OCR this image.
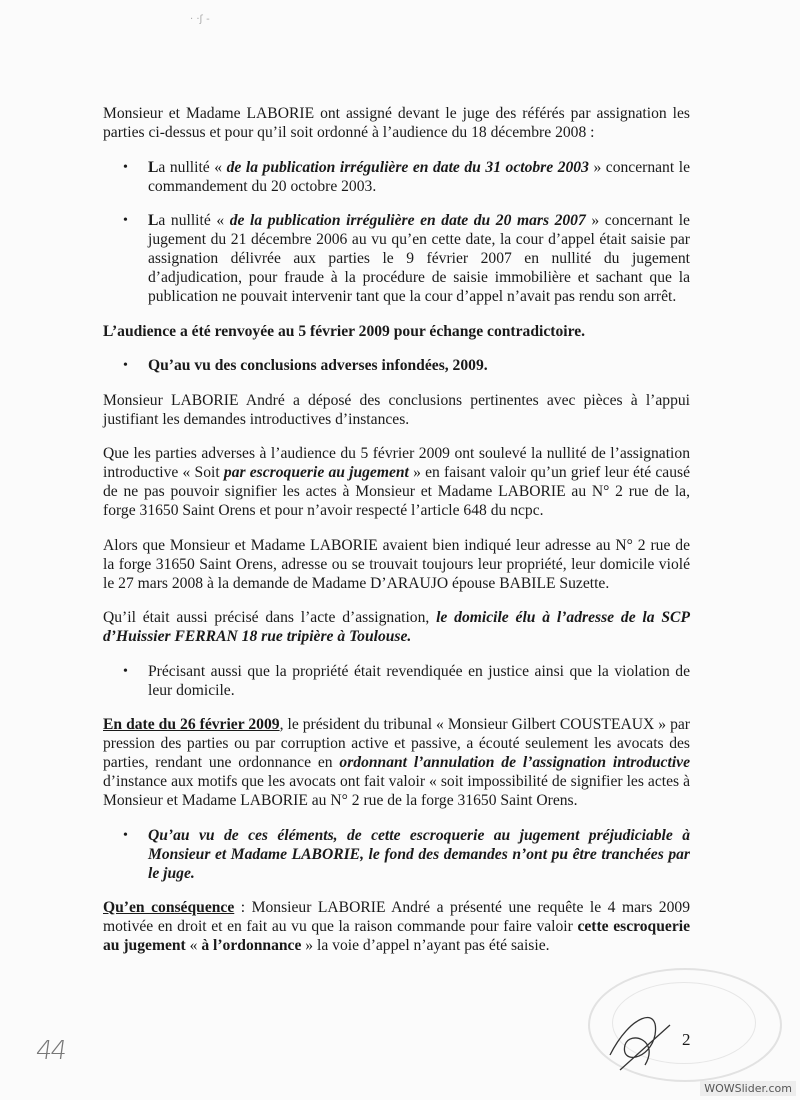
· ·ʃ -
Monsieur et Madame LABORIE ont assigné devant le juge des référés par assignation les parties ci-dessus et pour qu’il soit ordonné à l’audience du 18 décembre 2008 :
• La nullité « de la publication irrégulière en date du 31 octobre 2003 » concernant le commandement du 20 octobre 2003.
• La nullité « de la publication irrégulière en date du 20 mars 2007 » concernant le jugement du 21 décembre 2006 au vu qu’en cette date, la cour d’appel était saisie par assignation délivrée aux parties le 9 février 2007 en nullité du jugement d’adjudication, pour fraude à la procédure de saisie immobilière et sachant que la publication ne pouvait intervenir tant que la cour d’appel n’avait pas rendu son arrêt.
L’audience a été renvoyée au 5 février 2009 pour échange contradictoire.
• Qu’au vu des conclusions adverses infondées, 2009.
Monsieur LABORIE André a déposé des conclusions pertinentes avec pièces à l’appui justifiant les demandes introductives d’instances.
Que les parties adverses à l’audience du 5 février 2009 ont soulevé la nullité de l’assignation introductive « Soit par escroquerie au jugement » en faisant valoir qu’un grief leur été causé de ne pas pouvoir signifier les actes à Monsieur et Madame LABORIE au N° 2 rue de la, forge 31650 Saint Orens et pour n’avoir respecté l’article 648 du ncpc.
Alors que Monsieur et Madame LABORIE avaient bien indiqué leur adresse au N° 2 rue de la forge 31650 Saint Orens, adresse ou se trouvait toujours leur propriété, leur domicile violé le 27 mars 2008 à la demande de Madame D’ARAUJO épouse BABILE Suzette.
Qu’il était aussi précisé dans l’acte d’assignation, le domicile élu à l’adresse de la SCP d’Huissier FERRAN 18 rue tripière à Toulouse.
• Précisant aussi que la propriété était revendiquée en justice ainsi que la violation de leur domicile.
En date du 26 février 2009, le président du tribunal « Monsieur Gilbert COUSTEAUX » par pression des parties ou par corruption active et passive, a écouté seulement les avocats des parties, rendant une ordonnance en ordonnant l’annulation de l’assignation introductive d’instance aux motifs que les avocats ont fait valoir « soit impossibilité de signifier les actes à Monsieur et Madame LABORIE au N° 2 rue de la forge 31650 Saint Orens.
• Qu’au vu de ces éléments, de cette escroquerie au jugement préjudiciable à Monsieur et Madame LABORIE, le fond des demandes n’ont pu être tranchées par le juge.
Qu’en conséquence : Monsieur LABORIE André a présenté une requête le 4 mars 2009 motivée en droit et en fait au vu que la raison commande pour faire valoir cette escroquerie au jugement « à l’ordonnance » la voie d’appel n’ayant pas été saisie.
2
44
WOWSlider.com
